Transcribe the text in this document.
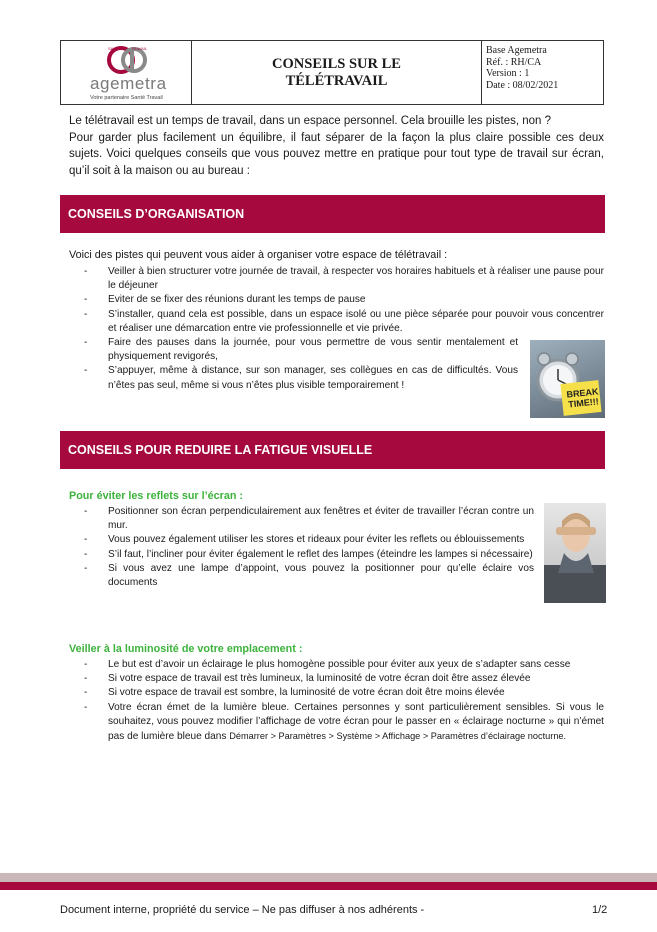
SANTÉ TRAVAIL
agemetra
Votre partenaire Santé Travail
CONSEILS SUR LE
TÉLÉTRAVAIL
Base Agemetra
Réf. : RH/CA
Version : 1
Date : 08/02/2021

Le télétravail est un temps de travail, dans un espace personnel. Cela brouille les pistes, non ?

Pour garder plus facilement un équilibre, il faut séparer de la façon la plus claire possible ces deux sujets. Voici quelques conseils que vous pouvez mettre en pratique pour tout type de travail sur écran, qu’il soit à la maison ou au bureau :

CONSEILS D’ORGANISATION
Voici des pistes qui peuvent vous aider à organiser votre espace de télétravail :
- Veiller à bien structurer votre journée de travail, à respecter vos horaires habituels et à réaliser une pause pour le déjeuner
- Eviter de se fixer des réunions durant les temps de pause
- S’installer, quand cela est possible, dans un espace isolé ou une pièce séparée pour pouvoir vous concentrer et réaliser une démarcation entre vie professionnelle et vie privée.
- Faire des pauses dans la journée, pour vous permettre de vous sentir mentalement et physiquement revigorés,
- S’appuyer, même à distance, sur son manager, ses collègues en cas de difficultés. Vous n’êtes pas seul, même si vous n’êtes plus visible temporairement !
BREAK
TIME!!!
CONSEILS POUR REDUIRE LA FATIGUE VISUELLE
Pour éviter les reflets sur l’écran :
- Positionner son écran perpendiculairement aux fenêtres et éviter de travailler l’écran contre un mur.
- Vous pouvez également utiliser les stores et rideaux pour éviter les reflets ou éblouissements
- S’il faut, l’incliner pour éviter également le reflet des lampes (éteindre les lampes si nécessaire)
- Si vous avez une lampe d’appoint, vous pouvez la positionner pour qu’elle éclaire vos documents
Veiller à la luminosité de votre emplacement :
- Le but est d’avoir un éclairage le plus homogène possible pour éviter aux yeux de s’adapter sans cesse
- Si votre espace de travail est très lumineux, la luminosité de votre écran doit être assez élevée
- Si votre espace de travail est sombre, la luminosité de votre écran doit être moins élevée
- Votre écran émet de la lumière bleue. Certaines personnes y sont particulièrement sensibles. Si vous le souhaitez, vous pouvez modifier l’affichage de votre écran pour le passer en « éclairage nocturne » qui n’émet pas de lumière bleue dans Démarrer > Paramètres > Système > Affichage > Paramètres d’éclairage nocturne.
Document interne, propriété du service – Ne pas diffuser à nos adhérents -	1/2
